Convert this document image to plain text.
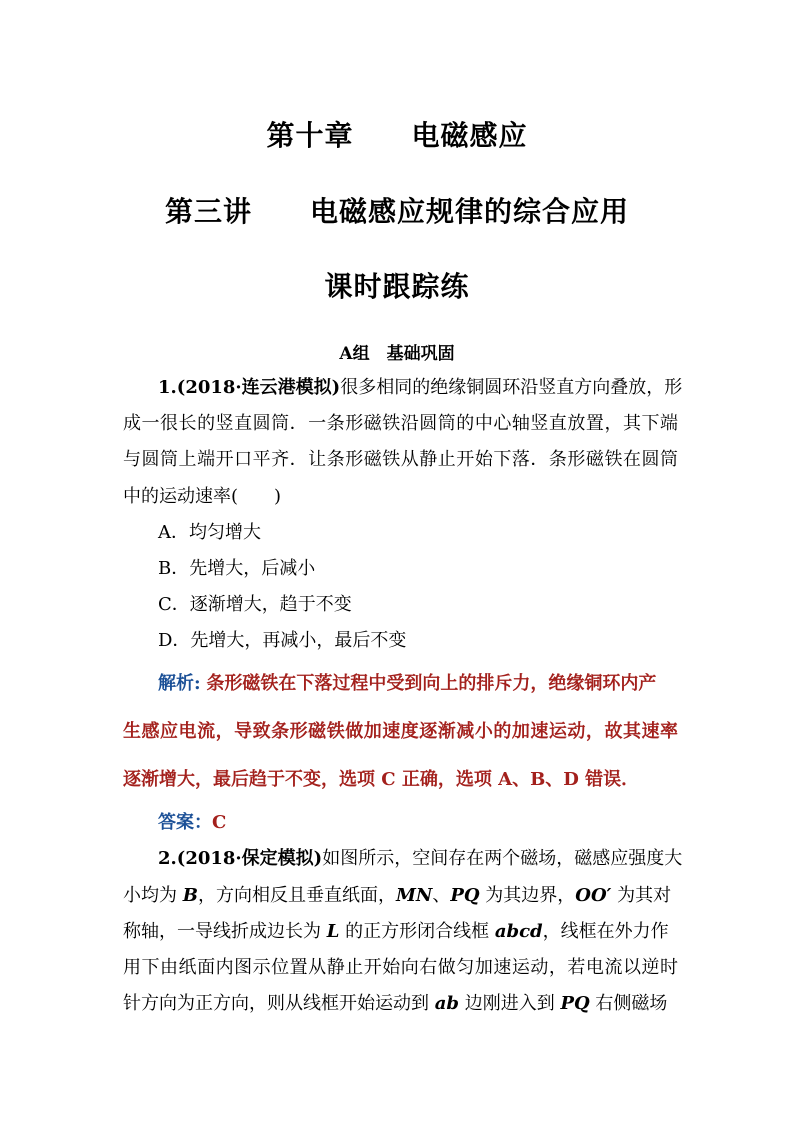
第十章　　电磁感应
第三讲　　电磁感应规律的综合应用
课时跟踪练
A组　基础巩固
1.(2018·连云港模拟)很多相同的绝缘铜圆环沿竖直方向叠放，形
成一很长的竖直圆筒．一条形磁铁沿圆筒的中心轴竖直放置，其下端
与圆筒上端开口平齐．让条形磁铁从静止开始下落．条形磁铁在圆筒
中的运动速率(　　)
A．均匀增大
B．先增大，后减小
C．逐渐增大，趋于不变
D．先增大，再减小，最后不变
解析: 条形磁铁在下落过程中受到向上的排斥力，绝缘铜环内产
生感应电流，导致条形磁铁做加速度逐渐减小的加速运动，故其速率
逐渐增大，最后趋于不变，选项 C 正确，选项 A、B、D 错误．
答案：C
2.(2018·保定模拟)如图所示，空间存在两个磁场，磁感应强度大
小均为 B，方向相反且垂直纸面，MN、PQ 为其边界，OO′ 为其对
称轴，一导线折成边长为 L 的正方形闭合线框 abcd，线框在外力作
用下由纸面内图示位置从静止开始向右做匀加速运动，若电流以逆时
针方向为正方向，则从线框开始运动到 ab 边刚进入到 PQ 右侧磁场
